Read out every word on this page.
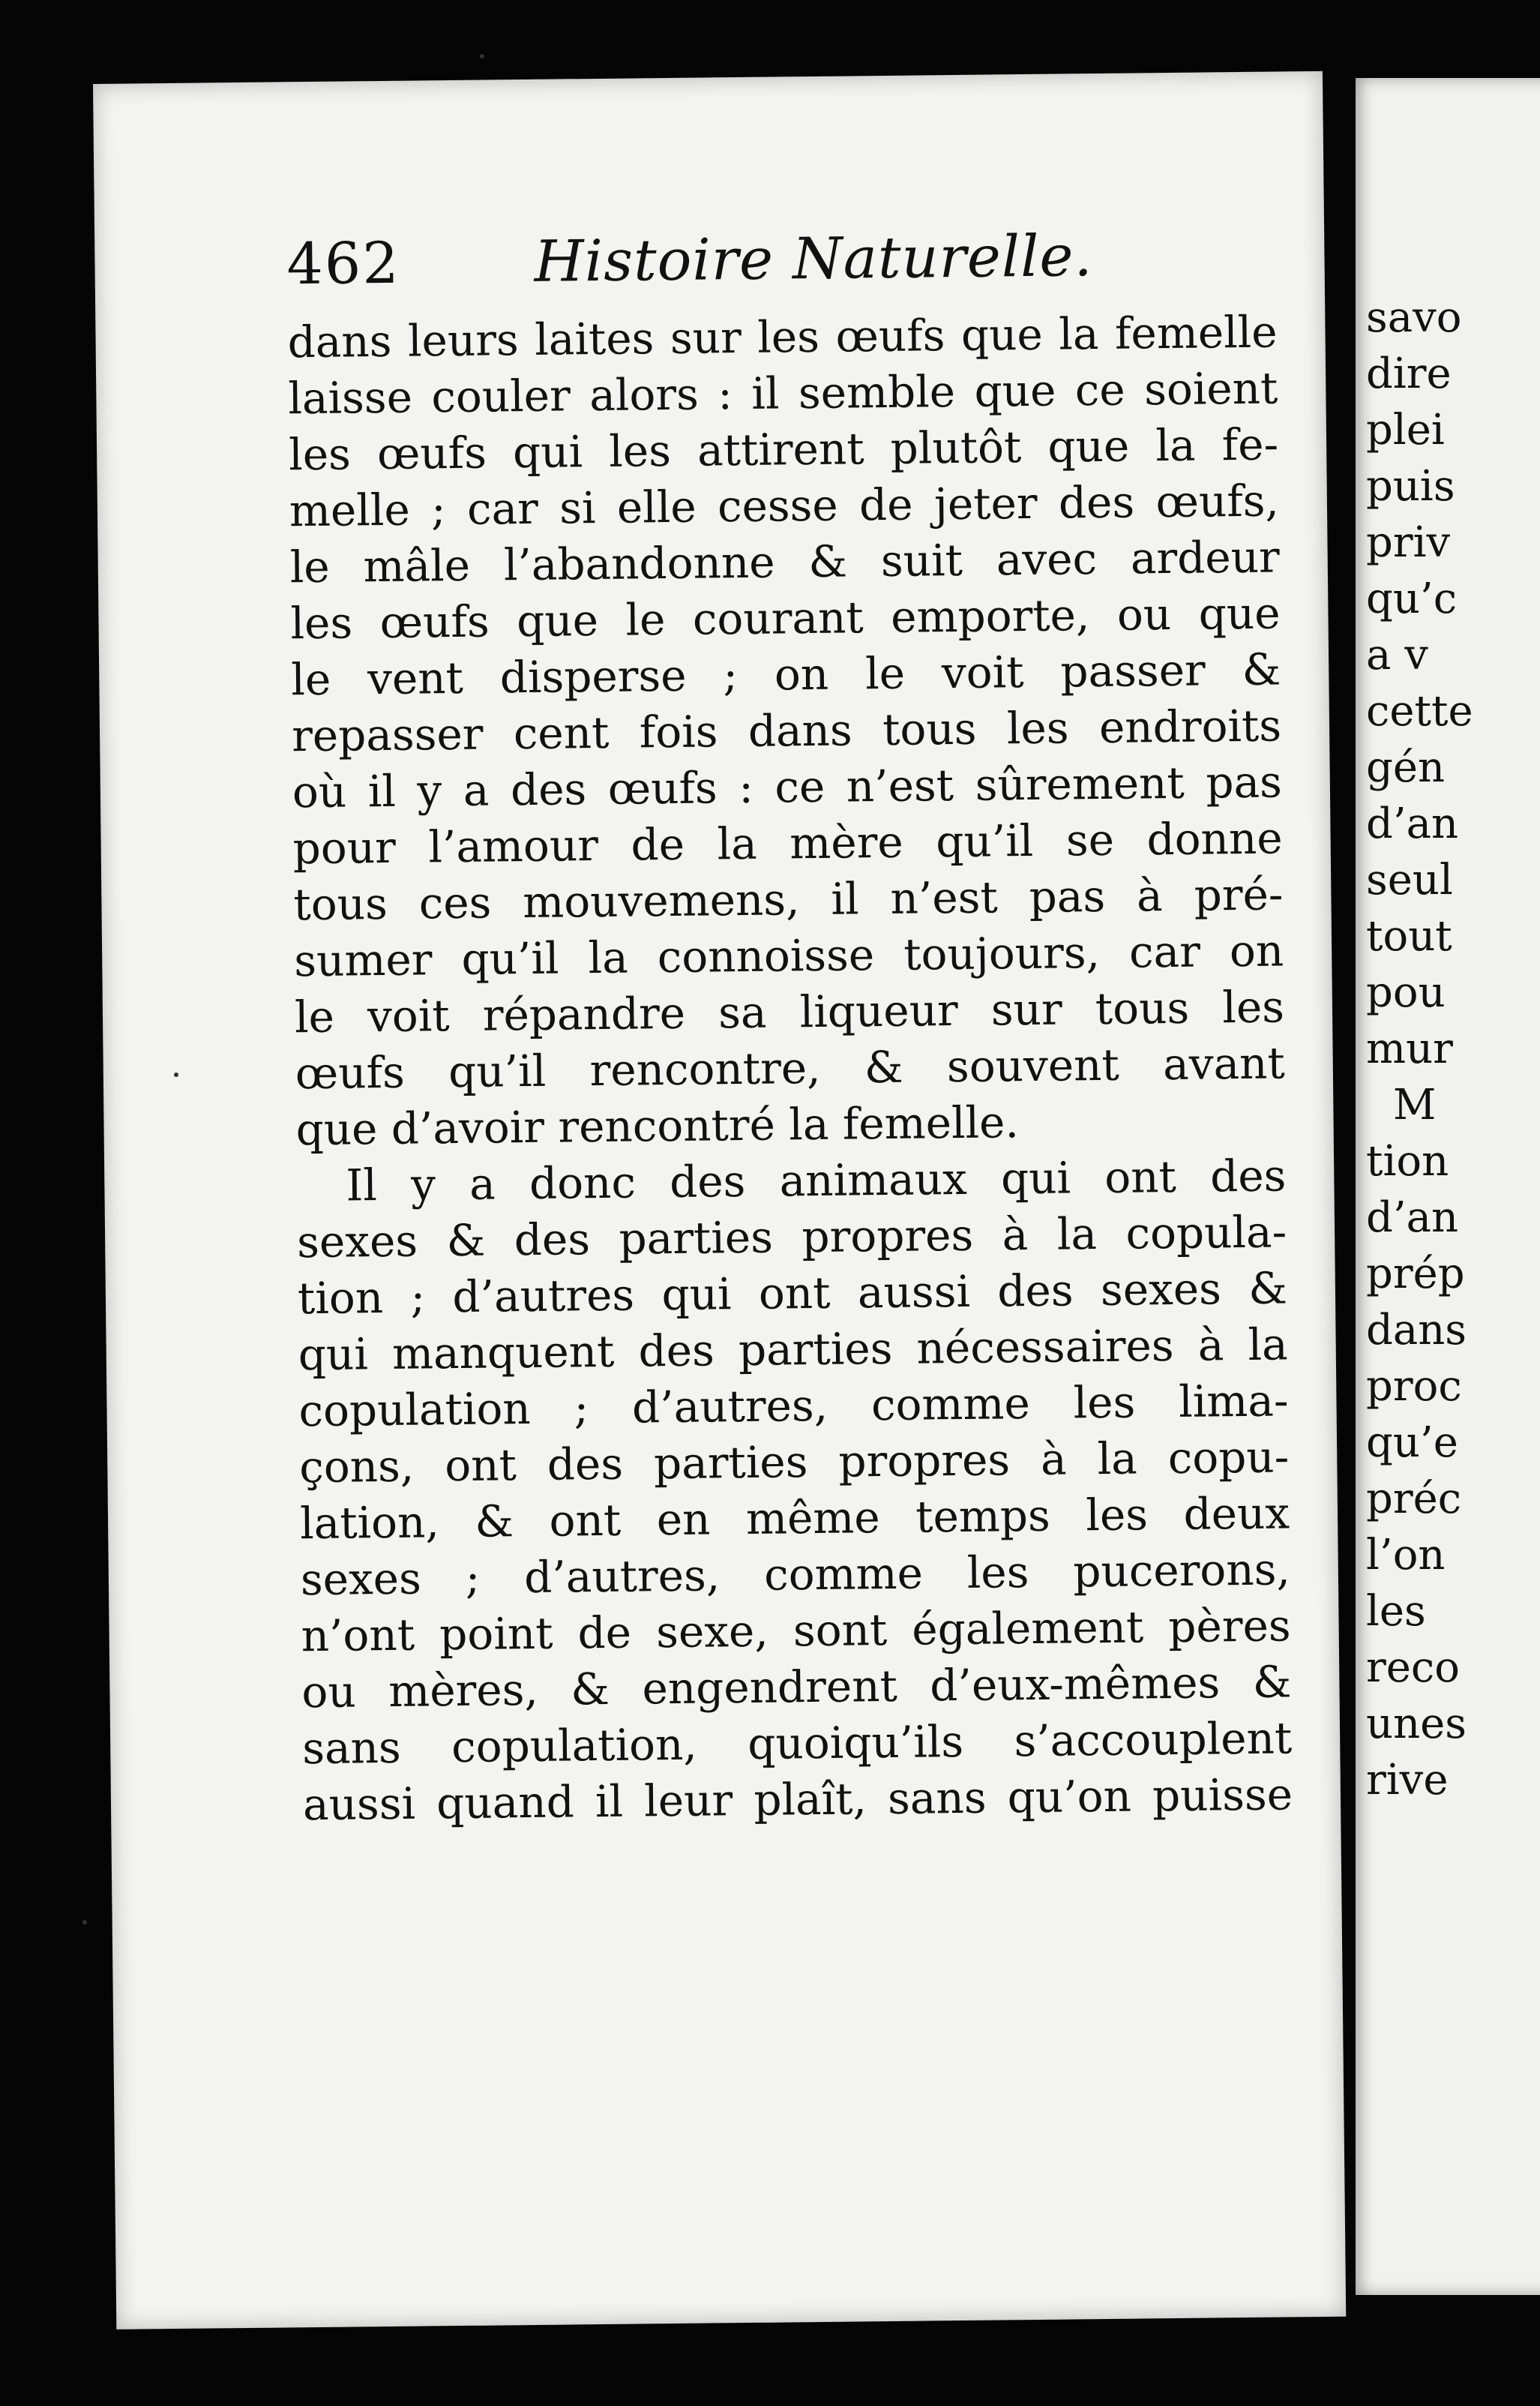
462 Histoire Naturelle.
dans leurs laites sur les œufs que la femelle
laisse couler alors : il semble que ce soient
les œufs qui les attirent plutôt que la fe-
melle ; car si elle cesse de jeter des œufs,
le mâle l’abandonne & suit avec ardeur
les œufs que le courant emporte, ou que
le vent disperse ; on le voit passer &
repasser cent fois dans tous les endroits
où il y a des œufs : ce n’est sûrement pas
pour l’amour de la mère qu’il se donne
tous ces mouvemens, il n’est pas à pré-
sumer qu’il la connoisse toujours, car on
le voit répandre sa liqueur sur tous les
œufs qu’il rencontre, & souvent avant
que d’avoir rencontré la femelle.
Il y a donc des animaux qui ont des
sexes & des parties propres à la copula-
tion ; d’autres qui ont aussi des sexes &
qui manquent des parties nécessaires à la
copulation ; d’autres, comme les lima-
çons, ont des parties propres à la copu-
lation, & ont en même temps les deux
sexes ; d’autres, comme les pucerons,
n’ont point de sexe, sont également pères
ou mères, & engendrent d’eux-mêmes &
sans copulation, quoiqu’ils s’accouplent
aussi quand il leur plaît, sans qu’on puisse
savo
dire
plei
puis
priv
qu’c
a v
cette
gén
d’an
seul
tout
pou
mur
M
tion
d’an
prép
dans
proc
qu’e
préc
l’on
les
reco
unes
rive
